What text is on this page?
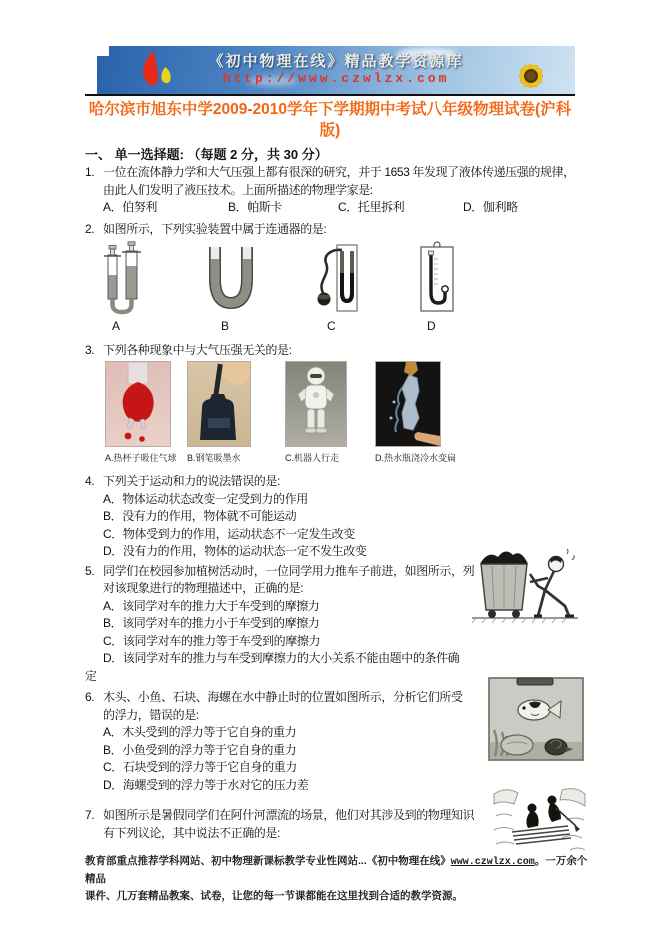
《初中物理在线》精品教学资源库
http://www.czwlzx.com
哈尔滨市旭东中学2009-2010学年下学期期中考试八年级物理试卷(沪科版)
一、 单一选择题: （每题 2 分，共 30 分）
1. 一位在流体静力学和大气压强上都有很深的研究，并于 1653 年发现了液体传递压强的规律，
由此人们发明了液压技术。上面所描述的物理学家是:
A．伯努利	B．帕斯卡	C．托里拆利	D．伽利略
2. 如图所示，下列实验装置中属于连通器的是:
A	B	C	D
3. 下列各种现象中与大气压强无关的是:
A.热杯子吸住气球 B.钢笔吸墨水	C.机器人行走	D.热水瓶浇冷水变扁
4. 下列关于运动和力的说法错误的是:
A．物体运动状态改变一定受到力的作用
B．没有力的作用，物体就不可能运动
C．物体受到力的作用，运动状态不一定发生改变
D．没有力的作用，物体的运动状态一定不发生改变
5. 同学们在校园参加植树活动时，一位同学用力推车子前进，如图所示，列
对该现象进行的物理描述中，正确的是:
A．该同学对车的推力大于车受到的摩擦力
B．该同学对车的推力小于车受到的摩擦力
C．该同学对车的推力等于车受到的摩擦力
D．该同学对车的推力与车受到摩擦力的大小关系不能由题中的条件确
定
6. 木头、小鱼、石块、海螺在水中静止时的位置如图所示，分析它们所受
的浮力，错误的是:
A．木头受到的浮力等于它自身的重力
B．小鱼受到的浮力等于它自身的重力
C．石块受到的浮力等于它自身的重力
D．海螺受到的浮力等于水对它的压力差
7. 如图所示是暑假同学们在阿什河漂流的场景，他们对其涉及到的物理知识
有下列议论，其中说法不正确的是:
教育部重点推荐学科网站、初中物理新课标教学专业性网站...《初中物理在线》www.czwlzx.com。一万余个精品
课件、几万套精品教案、试卷，让您的每一节课都能在这里找到合适的教学资源。
